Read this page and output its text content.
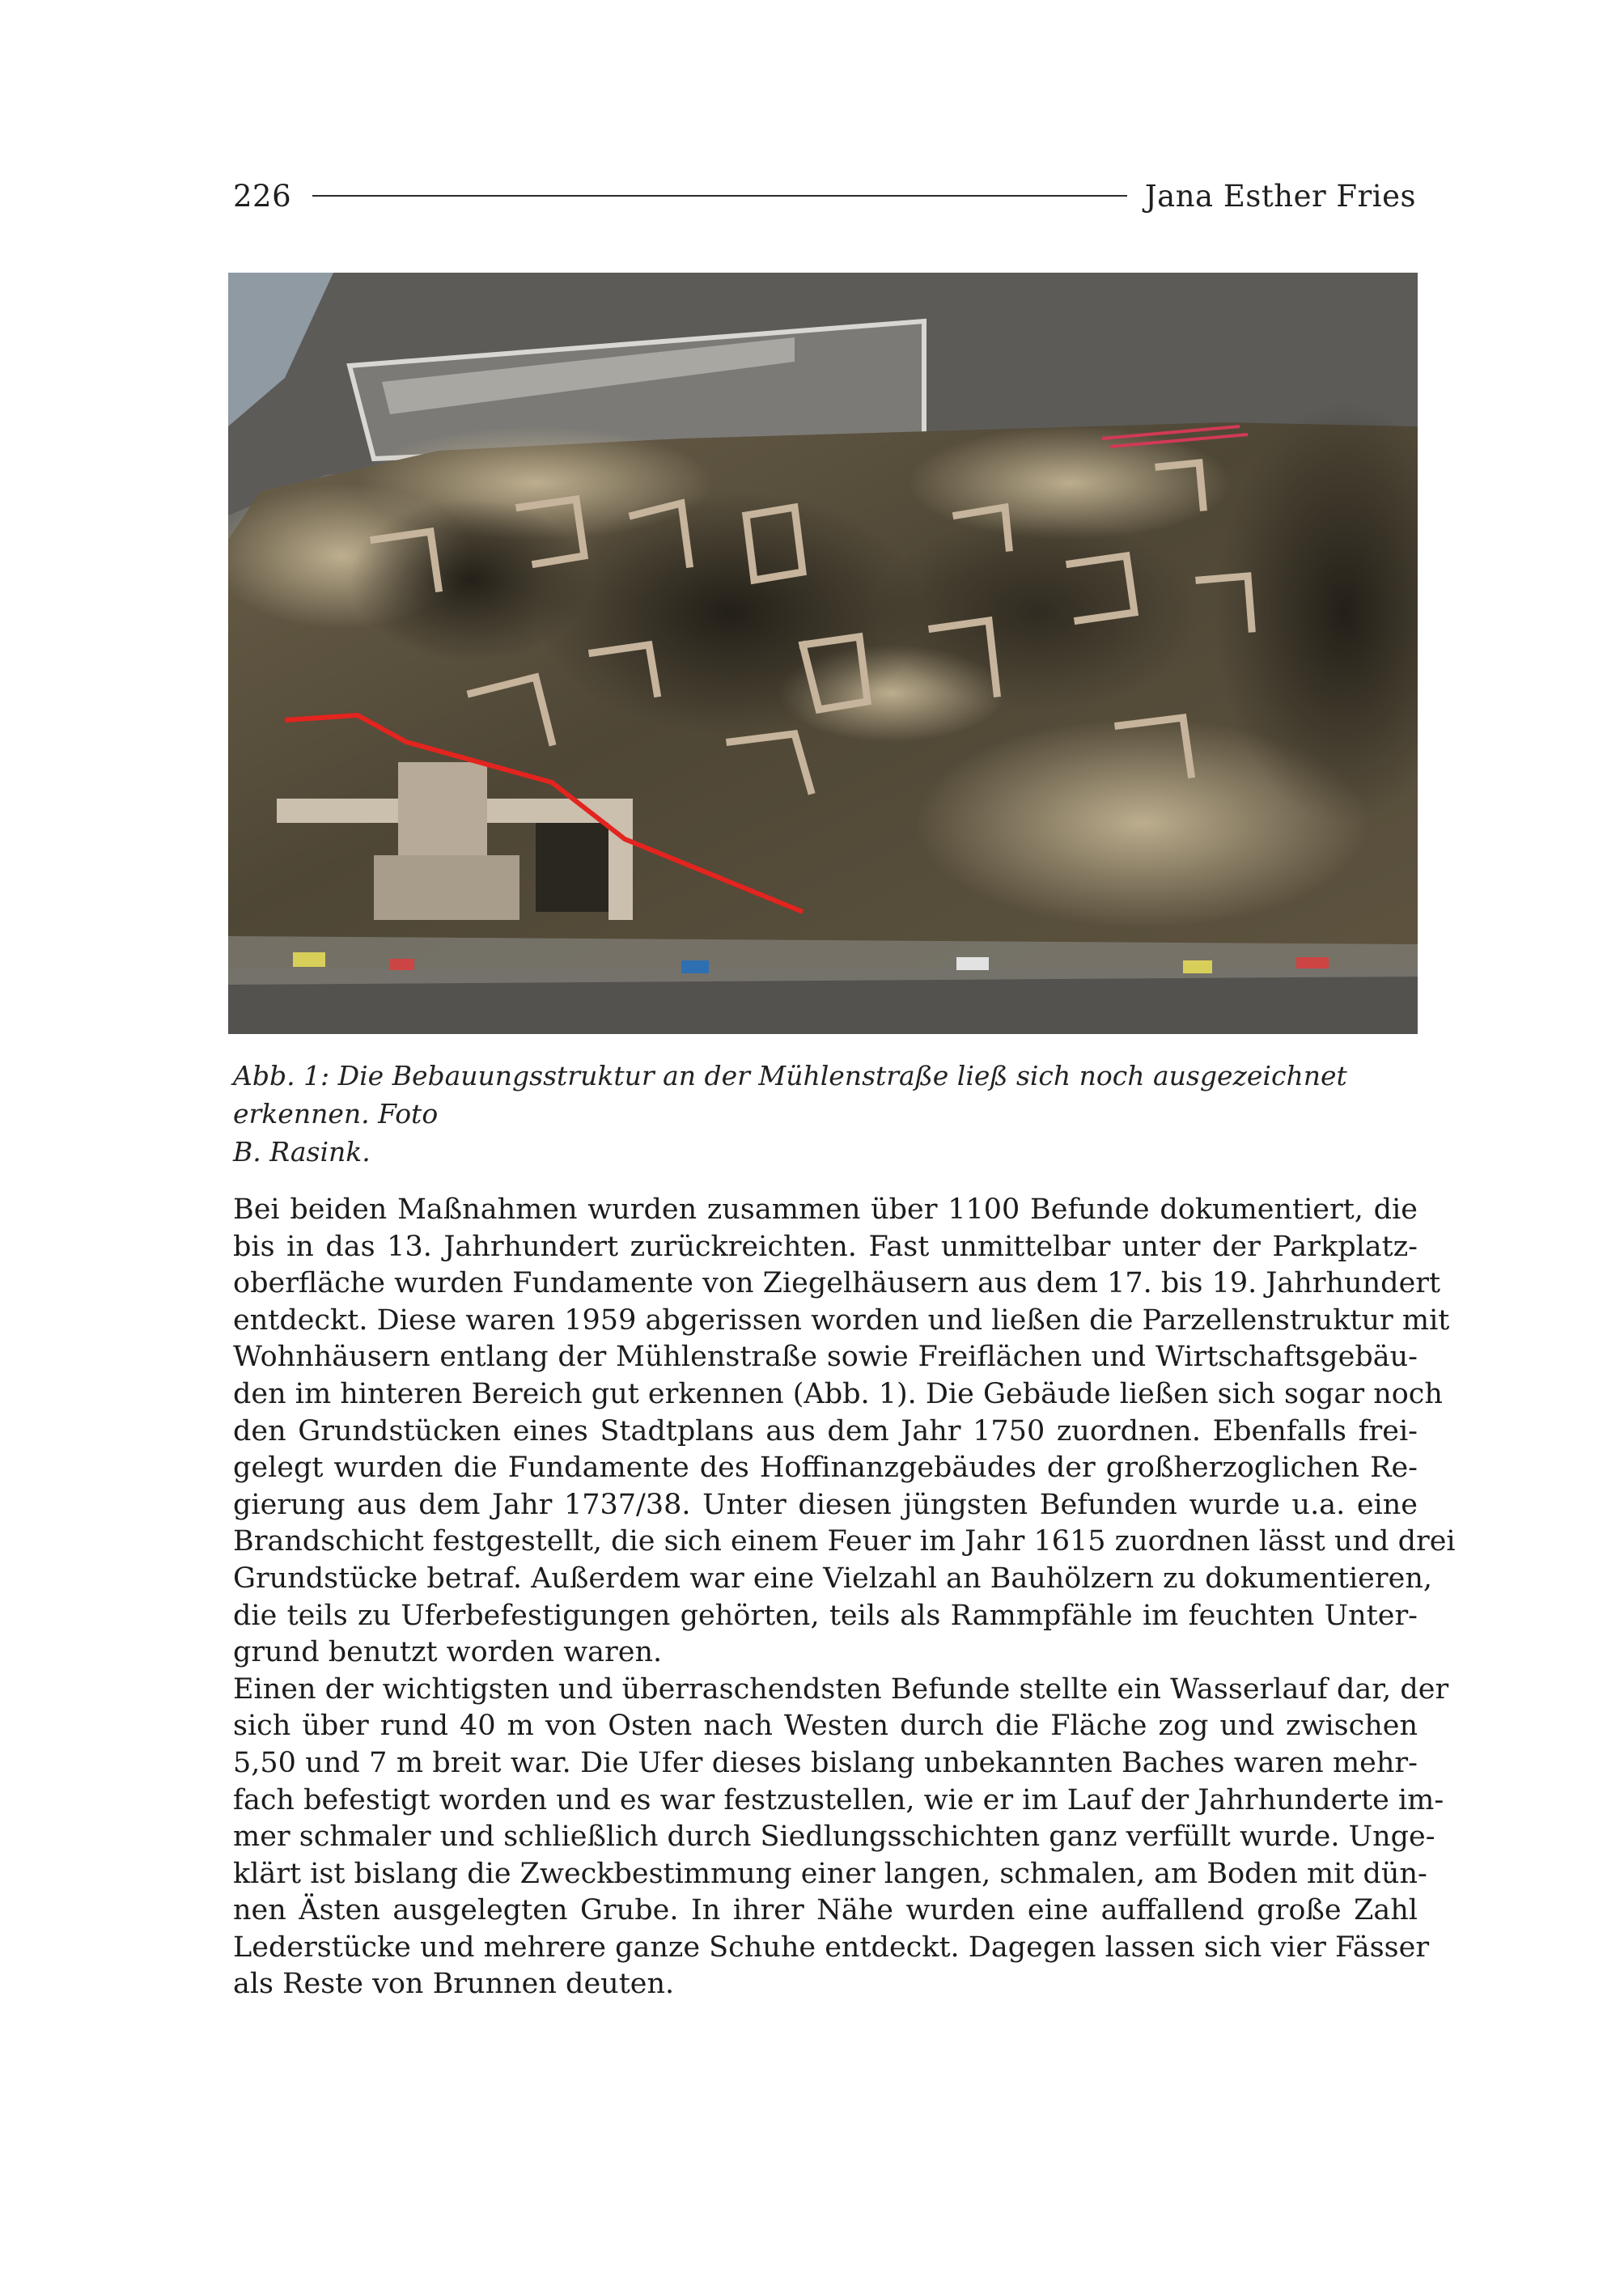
226	Jana Esther Fries
Abb. 1: Die Bebauungsstruktur an der Mühlenstraße ließ sich noch ausgezeichnet erkennen. Foto
B. Rasink.
Bei beiden Maßnahmen wurden zusammen über 1100 Befunde dokumentiert, die
bis in das 13. Jahrhundert zurückreichten. Fast unmittelbar unter der Parkplatz-
oberfläche wurden Fundamente von Ziegelhäusern aus dem 17. bis 19. Jahrhundert
entdeckt. Diese waren 1959 abgerissen worden und ließen die Parzellenstruktur mit
Wohnhäusern entlang der Mühlenstraße sowie Freiflächen und Wirtschaftsgebäu-
den im hinteren Bereich gut erkennen (Abb. 1). Die Gebäude ließen sich sogar noch
den Grundstücken eines Stadtplans aus dem Jahr 1750 zuordnen. Ebenfalls frei-
gelegt wurden die Fundamente des Hoffinanzgebäudes der großherzoglichen Re-
gierung aus dem Jahr 1737/38. Unter diesen jüngsten Befunden wurde u.a. eine
Brandschicht festgestellt, die sich einem Feuer im Jahr 1615 zuordnen lässt und drei
Grundstücke betraf. Außerdem war eine Vielzahl an Bauhölzern zu dokumentieren,
die teils zu Uferbefestigungen gehörten, teils als Rammpfähle im feuchten Unter-
grund benutzt worden waren.
Einen der wichtigsten und überraschendsten Befunde stellte ein Wasserlauf dar, der
sich über rund 40 m von Osten nach Westen durch die Fläche zog und zwischen
5,50 und 7 m breit war. Die Ufer dieses bislang unbekannten Baches waren mehr-
fach befestigt worden und es war festzustellen, wie er im Lauf der Jahrhunderte im-
mer schmaler und schließlich durch Siedlungsschichten ganz verfüllt wurde. Unge-
klärt ist bislang die Zweckbestimmung einer langen, schmalen, am Boden mit dün-
nen Ästen ausgelegten Grube. In ihrer Nähe wurden eine auffallend große Zahl
Lederstücke und mehrere ganze Schuhe entdeckt. Dagegen lassen sich vier Fässer
als Reste von Brunnen deuten.
